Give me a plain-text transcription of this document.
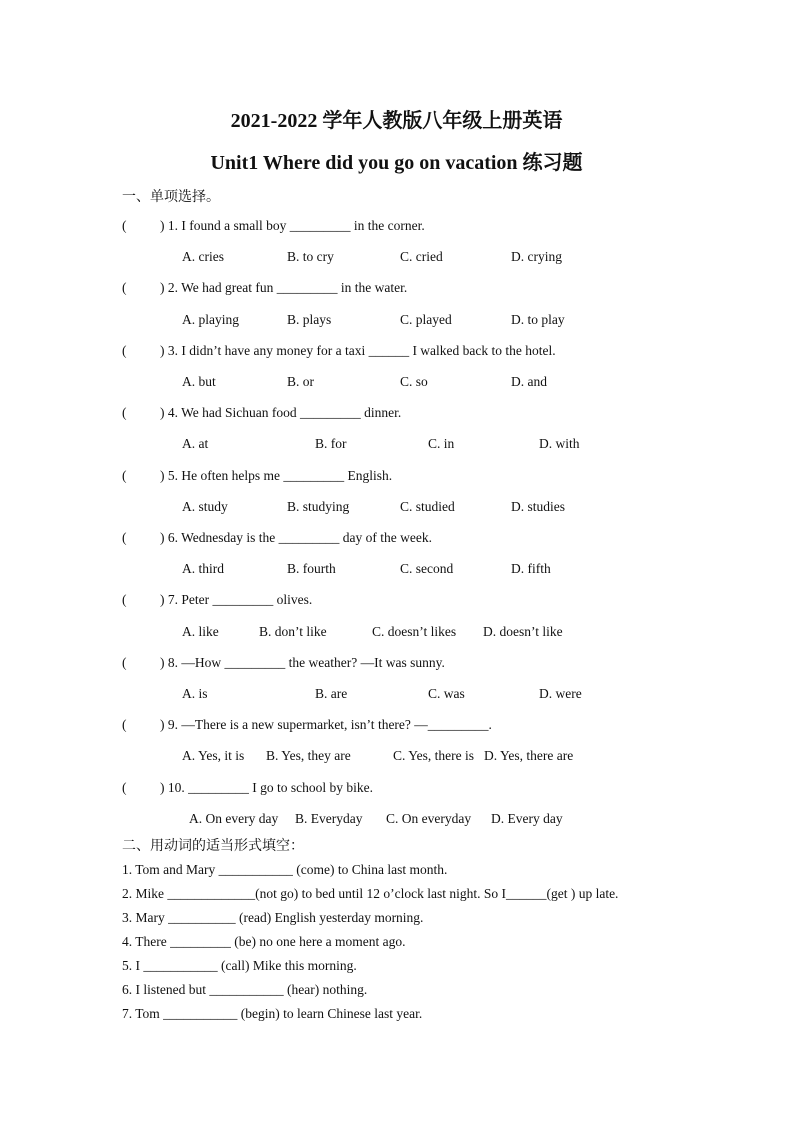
2021-2022 学年人教版八年级上册英语
Unit1 Where did you go on vacation 练习题
一、单项选择。
( ) 1. I found a small boy _________ in the corner.
A. cries	B. to cry	C. cried	D. crying
( ) 2. We had great fun _________ in the water.
A. playing	B. plays	C. played	D. to play
( ) 3. I didn’t have any money for a taxi ______ I walked back to the hotel.
A. but	B. or	C. so	D. and
( ) 4. We had Sichuan food _________ dinner.
A. at	B. for	C. in	D. with
( ) 5. He often helps me _________ English.
A. study	B. studying	C. studied	D. studies
( ) 6. Wednesday is the _________ day of the week.
A. third	B. fourth	C. second	D. fifth
( ) 7. Peter _________ olives.
A. like	B. don’t like	C. doesn’t likes D. doesn’t like
( ) 8. —How _________ the weather? —It was sunny.
A. is	B. are	C. was	D. were
( ) 9. —There is a new supermarket, isn’t there? —_________.
A. Yes, it is B. Yes, they are	C. Yes, there is D. Yes, there are
( ) 10. _________ I go to school by bike.
A. On every day B. Everyday C. On everyday D. Every day
二、用动词的适当形式填空：
1. Tom and Mary ___________ (come) to China last month.
2. Mike _____________(not go) to bed until 12 o’clock last night. So I______(get ) up late.
3. Mary __________ (read) English yesterday morning.
4. There _________ (be) no one here a moment ago.
5. I ___________ (call) Mike this morning.
6. I listened but ___________ (hear) nothing.
7. Tom ___________ (begin) to learn Chinese last year.
